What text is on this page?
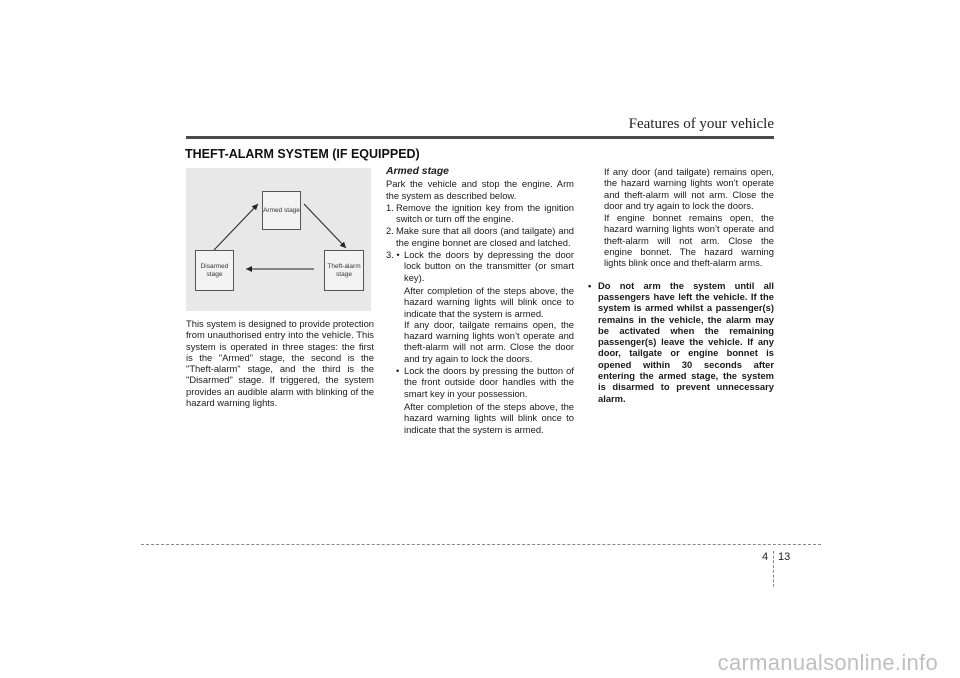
Features of your vehicle
THEFT-ALARM SYSTEM (IF EQUIPPED)
Armed stage
Disarmed stage
Theft-alarm stage

This system is designed to provide protection from unauthorised entry into the vehicle. This system is operated in three stages: the first is the "Armed" stage, the second is the "Theft-alarm" stage, and the third is the "Disarmed" stage. If triggered, the system provides an audible alarm with blinking of the hazard warning lights.

Armed stage

Park the vehicle and stop the engine. Arm the system as described below.

1. Remove the ignition key from the ignition switch or turn off the engine.
2. Make sure that all doors (and tailgate) and the engine bonnet are closed and latched.
3. • Lock the doors by depressing the door lock button on the transmitter (or smart key).

After completion of the steps above, the hazard warning lights will blink once to indicate that the system is armed.

If any door, tailgate remains open, the hazard warning lights won’t operate and theft-alarm will not arm. Close the door and try again to lock the doors.

• Lock the doors by pressing the button of the front outside door handles with the smart key in your possession.

After completion of the steps above, the hazard warning lights will blink once to indicate that the system is armed.

If any door (and tailgate) remains open, the hazard warning lights won’t operate and theft-alarm will not arm. Close the door and try again to lock the doors.

If engine bonnet remains open, the hazard warning lights won’t operate and theft-alarm will not arm. Close the engine bonnet. The hazard warning lights blink once and theft-alarm arms.

• Do not arm the system until all passengers have left the vehicle. If the system is armed whilst a passenger(s) remains in the vehicle, the alarm may be activated when the remaining passenger(s) leave the vehicle. If any door, tailgate or engine bonnet is opened within 30 seconds after entering the armed stage, the system is disarmed to prevent unnecessary alarm.
4 13
carmanualsonline.info
